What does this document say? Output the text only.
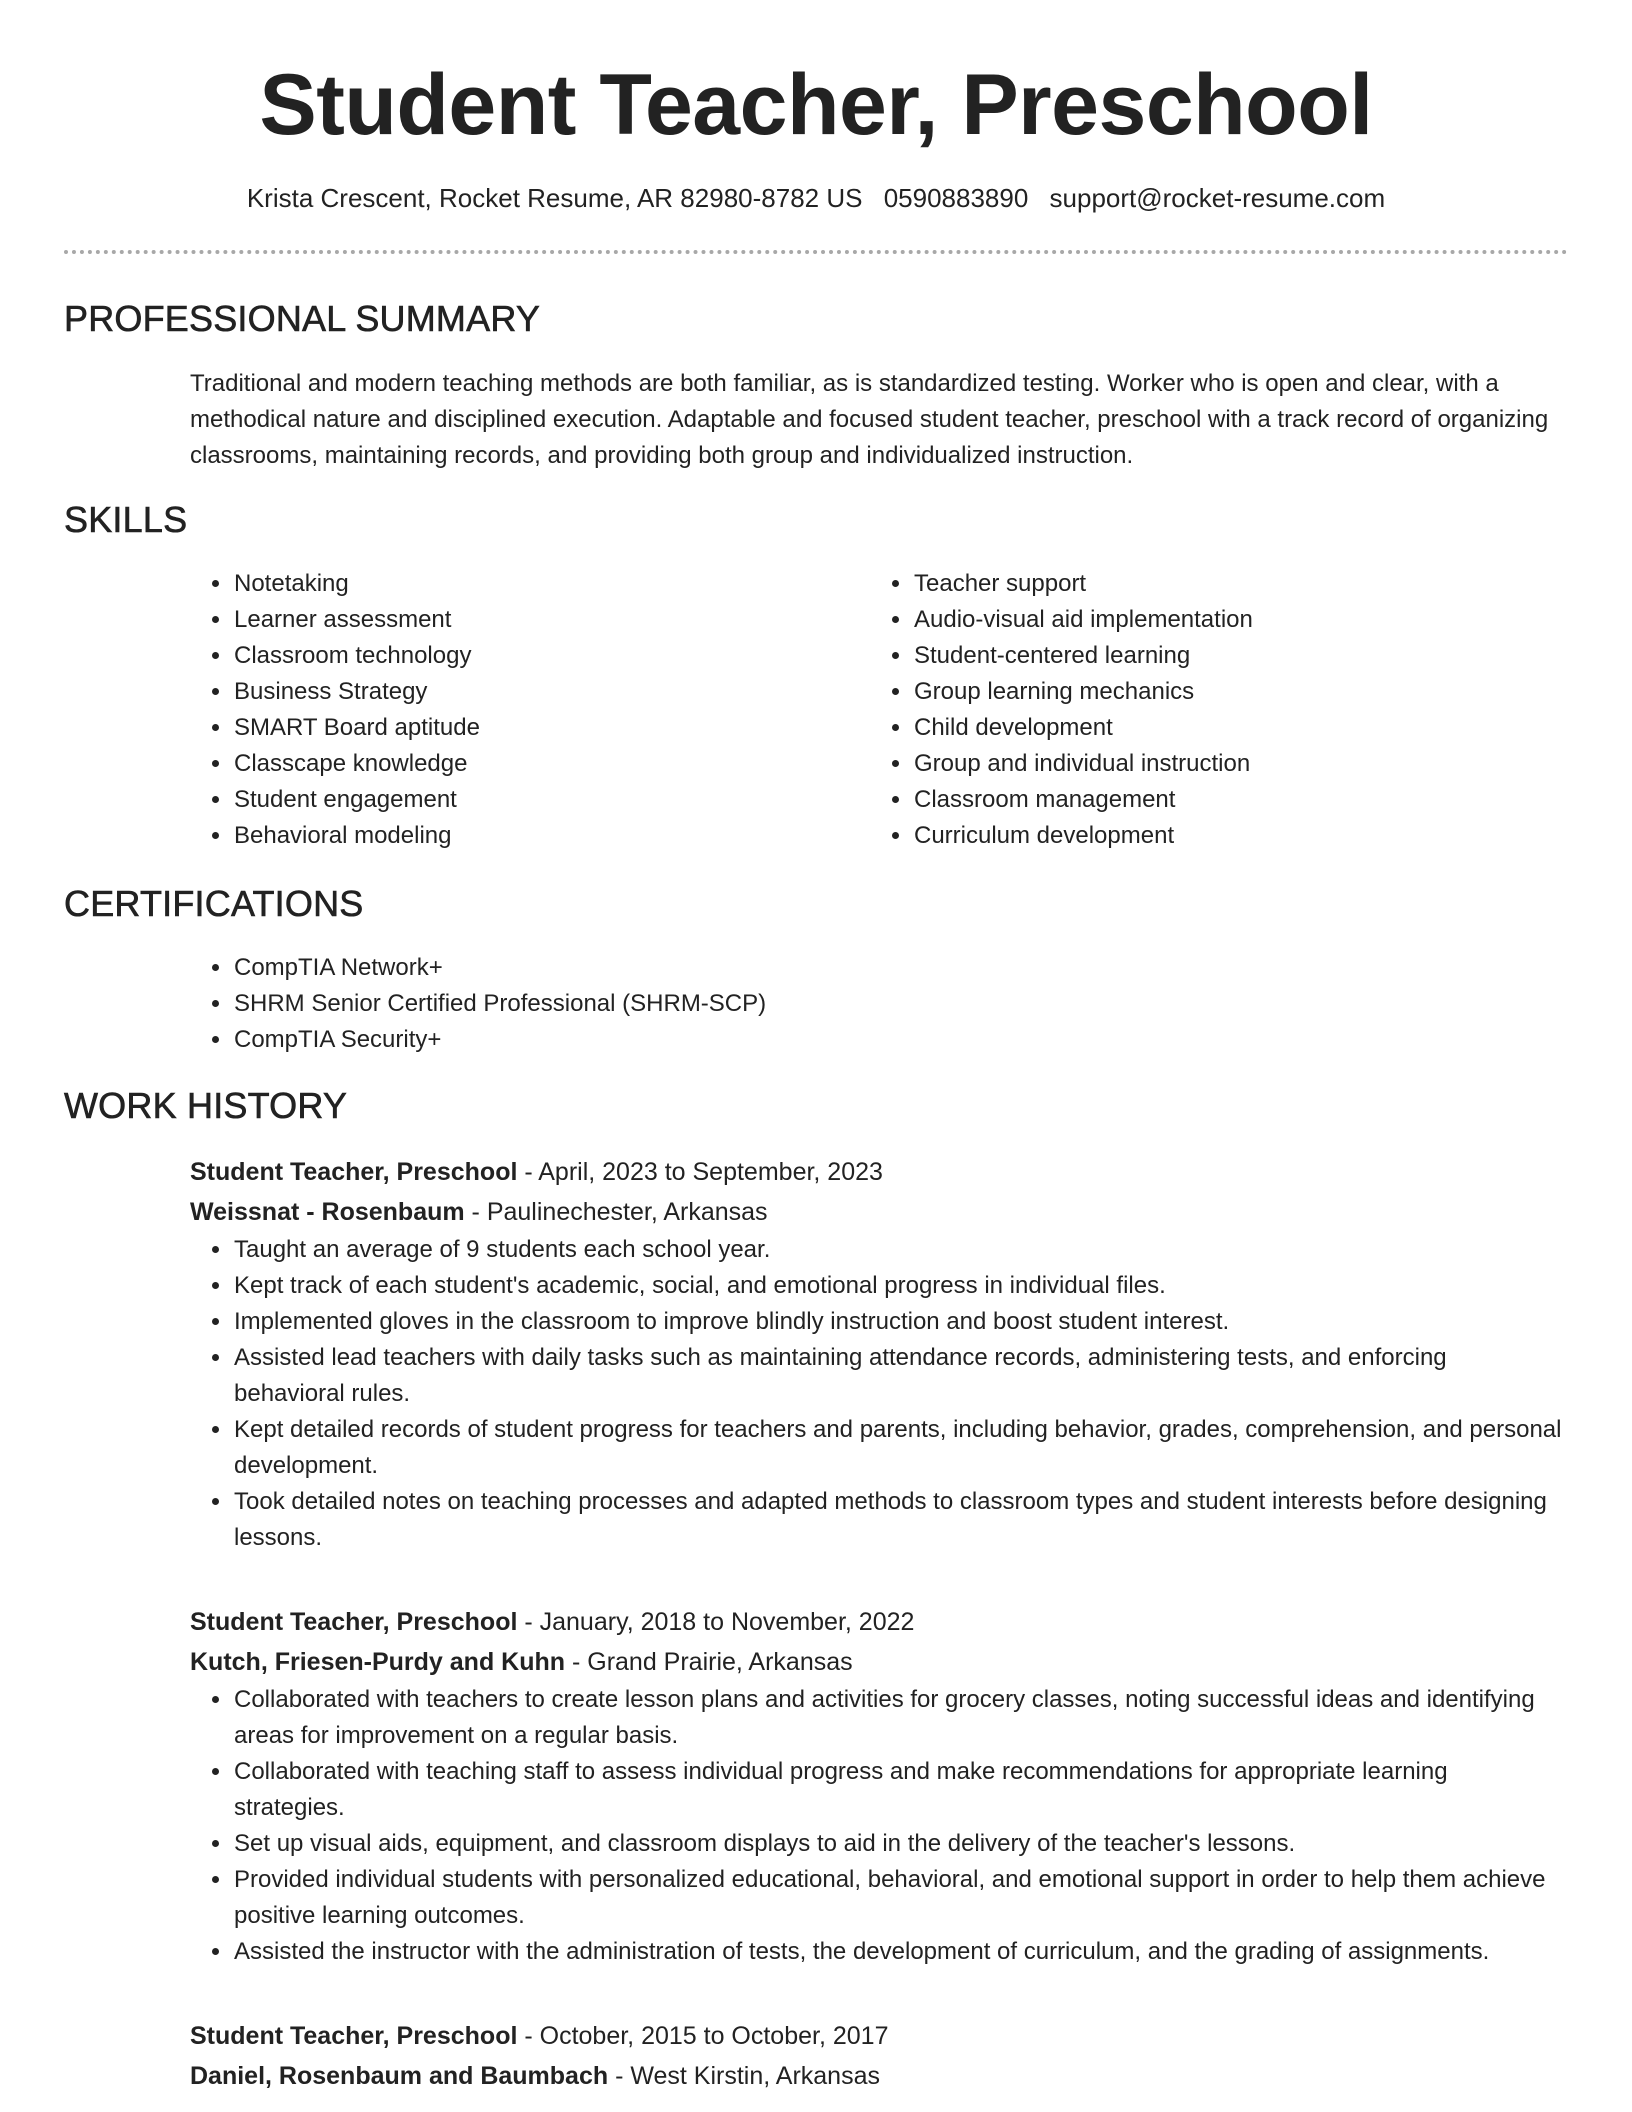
Student Teacher, Preschool
Krista Crescent, Rocket Resume, AR 82980-8782 US 0590883890 support@rocket-resume.com
PROFESSIONAL SUMMARY

Traditional and modern teaching methods are both familiar, as is standardized testing. Worker who is open and clear, with a methodical nature and disciplined execution. Adaptable and focused student teacher, preschool with a track record of organizing classrooms, maintaining records, and providing both group and individualized instruction.

SKILLS
• Notetaking
• Learner assessment
• Classroom technology
• Business Strategy
• SMART Board aptitude
• Classcape knowledge
• Student engagement
• Behavioral modeling
• Teacher support
• Audio-visual aid implementation
• Student-centered learning
• Group learning mechanics
• Child development
• Group and individual instruction
• Classroom management
• Curriculum development
CERTIFICATIONS
• CompTIA Network+
• SHRM Senior Certified Professional (SHRM-SCP)
• CompTIA Security+
WORK HISTORY

Student Teacher, Preschool - April, 2023 to September, 2023

Weissnat - Rosenbaum - Paulinechester, Arkansas

• Taught an average of 9 students each school year.
• Kept track of each student's academic, social, and emotional progress in individual files.
• Implemented gloves in the classroom to improve blindly instruction and boost student interest.
• Assisted lead teachers with daily tasks such as maintaining attendance records, administering tests, and enforcing behavioral rules.
• Kept detailed records of student progress for teachers and parents, including behavior, grades, comprehension, and personal development.
• Took detailed notes on teaching processes and adapted methods to classroom types and student interests before designing lessons.

Student Teacher, Preschool - January, 2018 to November, 2022

Kutch, Friesen-Purdy and Kuhn - Grand Prairie, Arkansas

• Collaborated with teachers to create lesson plans and activities for grocery classes, noting successful ideas and identifying areas for improvement on a regular basis.
• Collaborated with teaching staff to assess individual progress and make recommendations for appropriate learning strategies.
• Set up visual aids, equipment, and classroom displays to aid in the delivery of the teacher's lessons.
• Provided individual students with personalized educational, behavioral, and emotional support in order to help them achieve positive learning outcomes.
• Assisted the instructor with the administration of tests, the development of curriculum, and the grading of assignments.

Student Teacher, Preschool - October, 2015 to October, 2017

Daniel, Rosenbaum and Baumbach - West Kirstin, Arkansas
